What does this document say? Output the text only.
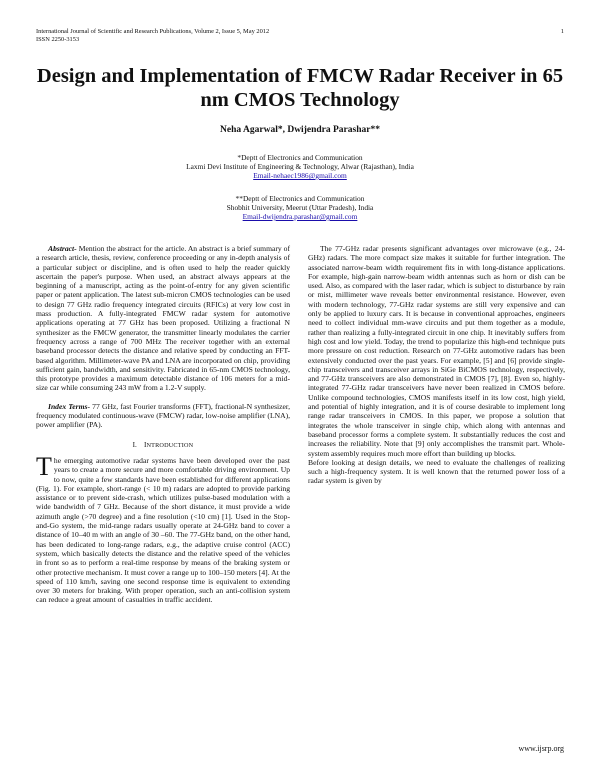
International Journal of Scientific and Research Publications, Volume 2, Issue 5, May 2012
ISSN 2250-3153
1
Design and Implementation of FMCW Radar Receiver in 65 nm CMOS Technology
Neha Agarwal*, Dwijendra Parashar**
*Deptt of Electronics and Communication
Laxmi Devi Institute of Engineering & Technology, Alwar (Rajasthan), India
Email-nehaec1986@gmail.com
**Deptt of Electronics and Communication
Shobhit University, Meerut (Uttar Pradesh), India
Email-dwijendra.parashar@gmail.com

Abstract- Mention the abstract for the article. An abstract is a brief summary of a research article, thesis, review, conference proceeding or any in-depth analysis of a particular subject or discipline, and is often used to help the reader quickly ascertain the paper's purpose. When used, an abstract always appears at the beginning of a manuscript, acting as the point-of-entry for any given scientific paper or patent application. The latest sub-micron CMOS technologies can be used to design 77 GHz radio frequency integrated circuits (RFICs) at very low cost in mass production. A fully-integrated FMCW radar system for automotive applications operating at 77 GHz has been proposed. Utilizing a fractional N synthesizer as the FMCW generator, the transmitter linearly modulates the carrier frequency across a range of 700 MHz The receiver together with an external baseband processor detects the distance and relative speed by conducting an FFT-based algorithm. Millimeter-wave PA and LNA are incorporated on chip, providing sufficient gain, bandwidth, and sensitivity. Fabricated in 65-nm CMOS technology, this prototype provides a maximum detectable distance of 106 meters for a mid-size car while consuming 243 mW from a 1.2-V supply.

Index Terms- 77 GHz, fast Fourier transforms (FFT), fractional-N synthesizer, frequency modulated continuous-wave (FMCW) radar, low-noise amplifier (LNA), power amplifier (PA).

I. INTRODUCTION

The emerging automotive radar systems have been developed over the past years to create a more secure and more comfortable driving environment. Up to now, quite a few standards have been established for different applications (Fig. 1). For example, short-range (< 10 m) radars are adopted to provide parking assistance or to prevent side-crash, which utilizes pulse-based modulation with a wide bandwidth of 7 GHz. Because of the short distance, it must provide a wide azimuth angle (>70 degree) and a fine resolution (<10 cm) [1]. Used in the Stop-and-Go system, the mid-range radars usually operate at 24-GHz band to cover a distance of 10–40 m with an angle of 30 –60. The 77-GHz band, on the other hand, has been dedicated to long-range radars, e.g., the adaptive cruise control (ACC) system, which basically detects the distance and the relative speed of the vehicles in front so as to perform a real-time response by means of the braking system or other protective mechanism. It must cover a range up to 100–150 meters [4]. At the speed of 110 km/h, saving one second response time is equivalent to extending over 30 meters for braking. With proper operation, such an anti-collision system can reduce a great amount of casualties in traffic accident.

The 77-GHz radar presents significant advantages over microwave (e.g., 24-GHz) radars. The more compact size makes it suitable for further integration. The associated narrow-beam width requirement fits in with long-distance applications. For example, high-gain narrow-beam width antennas such as horn or dish can be used. Also, as compared with the laser radar, which is subject to disturbance by rain or mist, millimeter wave reveals better environmental resistance. However, even with modern technology, 77-GHz radar systems are still very expensive and can only be applied to luxury cars. It is because in conventional approaches, engineers need to collect individual mm-wave circuits and put them together as a module, rather than realizing a fully-integrated circuit in one chip. It inevitably suffers from high cost and low yield. Today, the trend to popularize this high-end technique puts more pressure on cost reduction. Research on 77-GHz automotive radars has been extensively conducted over the past years. For example, [5] and [6] provide single-chip transceivers and transceiver arrays in SiGe BiCMOS technology, respectively, and 77-GHz transceivers are also demonstrated in CMOS [7], [8]. Even so, highly-integrated 77-GHz radar transceivers have never been realized in CMOS before. Unlike compound technologies, CMOS manifests itself in its low cost, high yield, and potential of highly integration, and it is of course desirable to implement long range radar transceivers in CMOS. In this paper, we propose a solution that integrates the whole transceiver in single chip, which along with antennas and baseband processor forms a complete system. It substantially reduces the cost and increases the reliability. Note that [9] only accomplishes the transmit part. Whole-system assembly requires much more effort than building up blocks.

Before looking at design details, we need to evaluate the challenges of realizing such a high-frequency system. It is well known that the returned power loss of a radar system is given by

www.ijsrp.org
